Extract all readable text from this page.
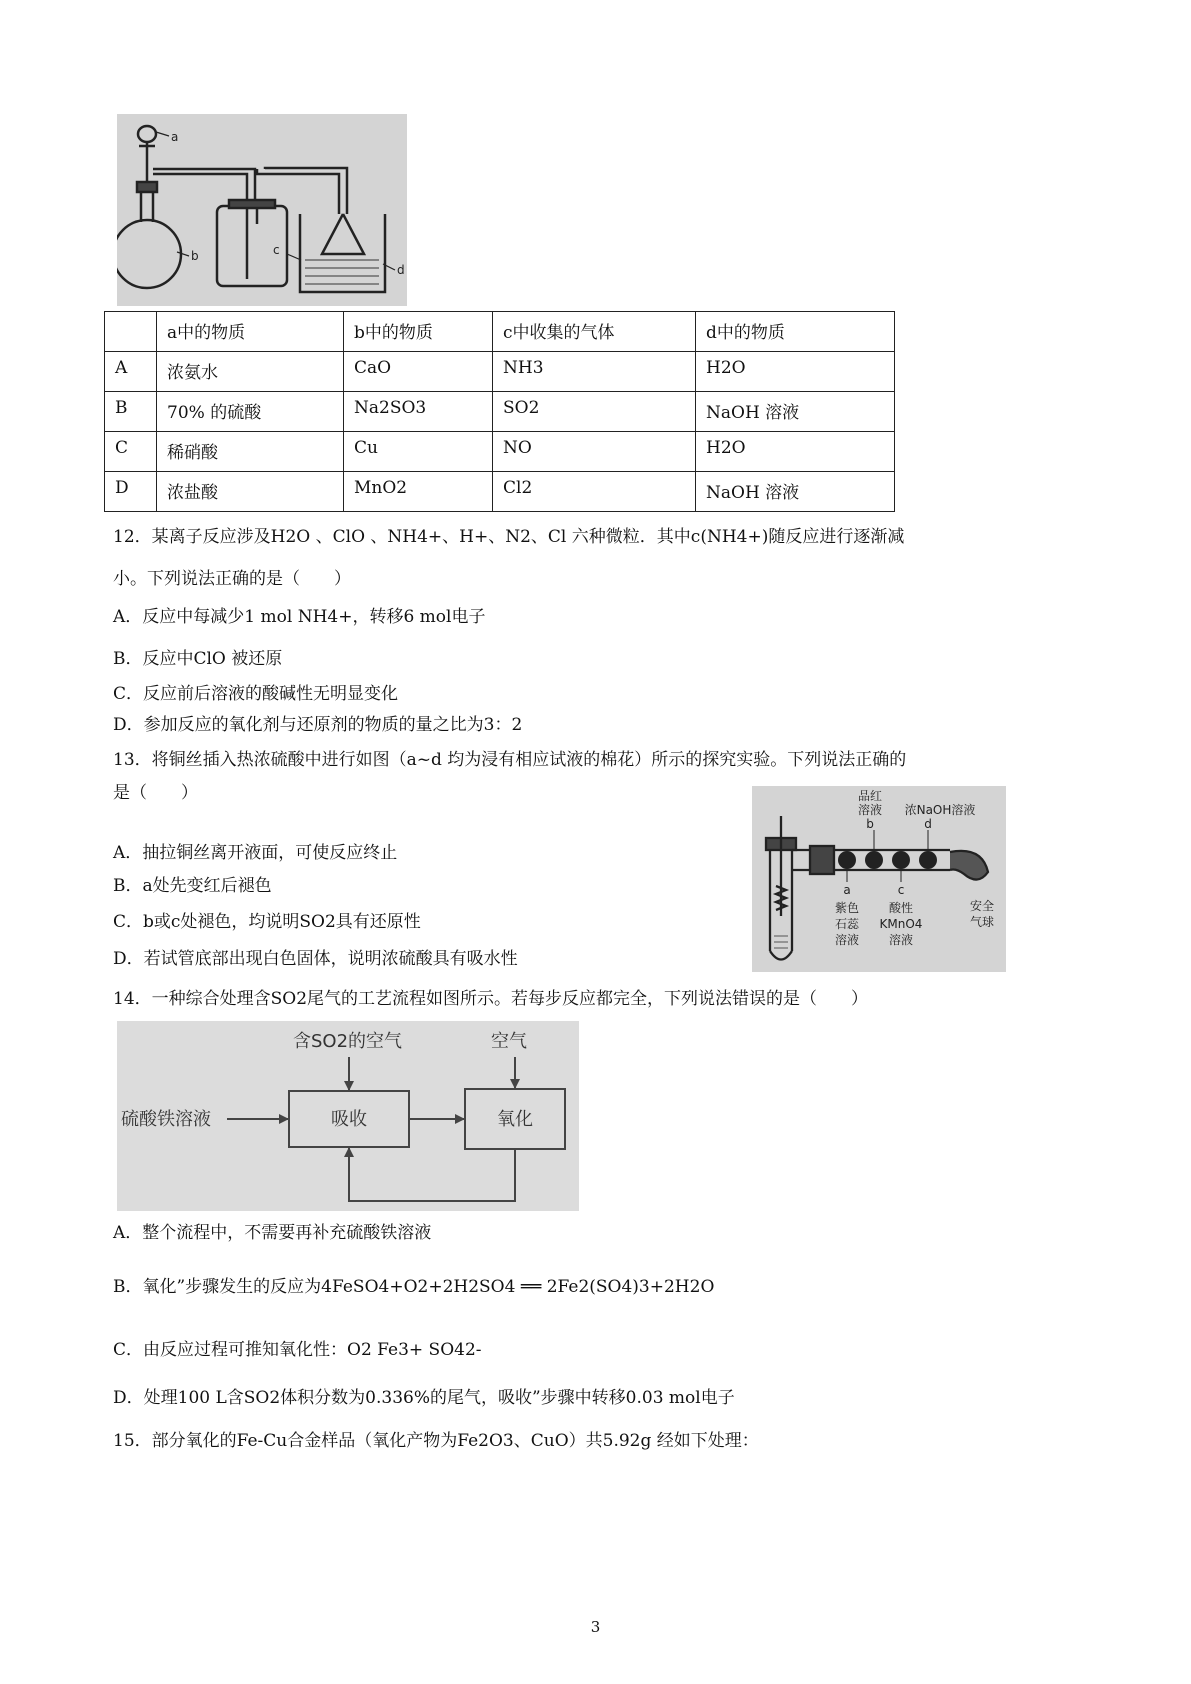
a
b	c
d
	a中的物质	b中的物质	c中收集的气体	d中的物质
A	浓氨水	CaO	NH3	H2O
B	70% 的硫酸	Na2SO3	SO2	NaOH 溶液
C	稀硝酸	Cu	NO	H2O
D	浓盐酸	MnO2	Cl2	NaOH 溶液
12．某离子反应涉及H2O 、ClO 、NH4+、H+、N2、Cl 六种微粒．其中c(NH4+)随反应进行逐渐减
小。下列说法正确的是（　　）
A．反应中每减少1 mol NH4+，转移6 mol电子
B．反应中ClO 被还原
C．反应前后溶液的酸碱性无明显变化
D．参加反应的氧化剂与还原剂的物质的量之比为3：2
13．将铜丝插入热浓硫酸中进行如图（a~d 均为浸有相应试液的棉花）所示的探究实验。下列说法正确的
是（　　）
A．抽拉铜丝离开液面，可使反应终止
B．a处先变红后褪色
C．b或c处褪色，均说明SO2具有还原性
D．若试管底部出现白色固体，说明浓硫酸具有吸水性
品红溶液 b
浓NaOH溶液 d
a 紫色石蕊溶液
c 酸性 KMnO4 溶液
安全气球
14．一种综合处理含SO2尾气的工艺流程如图所示。若每步反应都完全，下列说法错误的是（　　）
含SO2的空气	空气
硫酸铁溶液	吸收	氧化
A．整个流程中，不需要再补充硫酸铁溶液
B．氧化”步骤发生的反应为4FeSO4+O2+2H2SO4 ══ 2Fe2(SO4)3+2H2O
C．由反应过程可推知氧化性：O2 Fe3+ SO42-
D．处理100 L含SO2体积分数为0.336%的尾气，吸收”步骤中转移0.03 mol电子
15．部分氧化的Fe-Cu合金样品（氧化产物为Fe2O3、CuO）共5.92g 经如下处理：
3
